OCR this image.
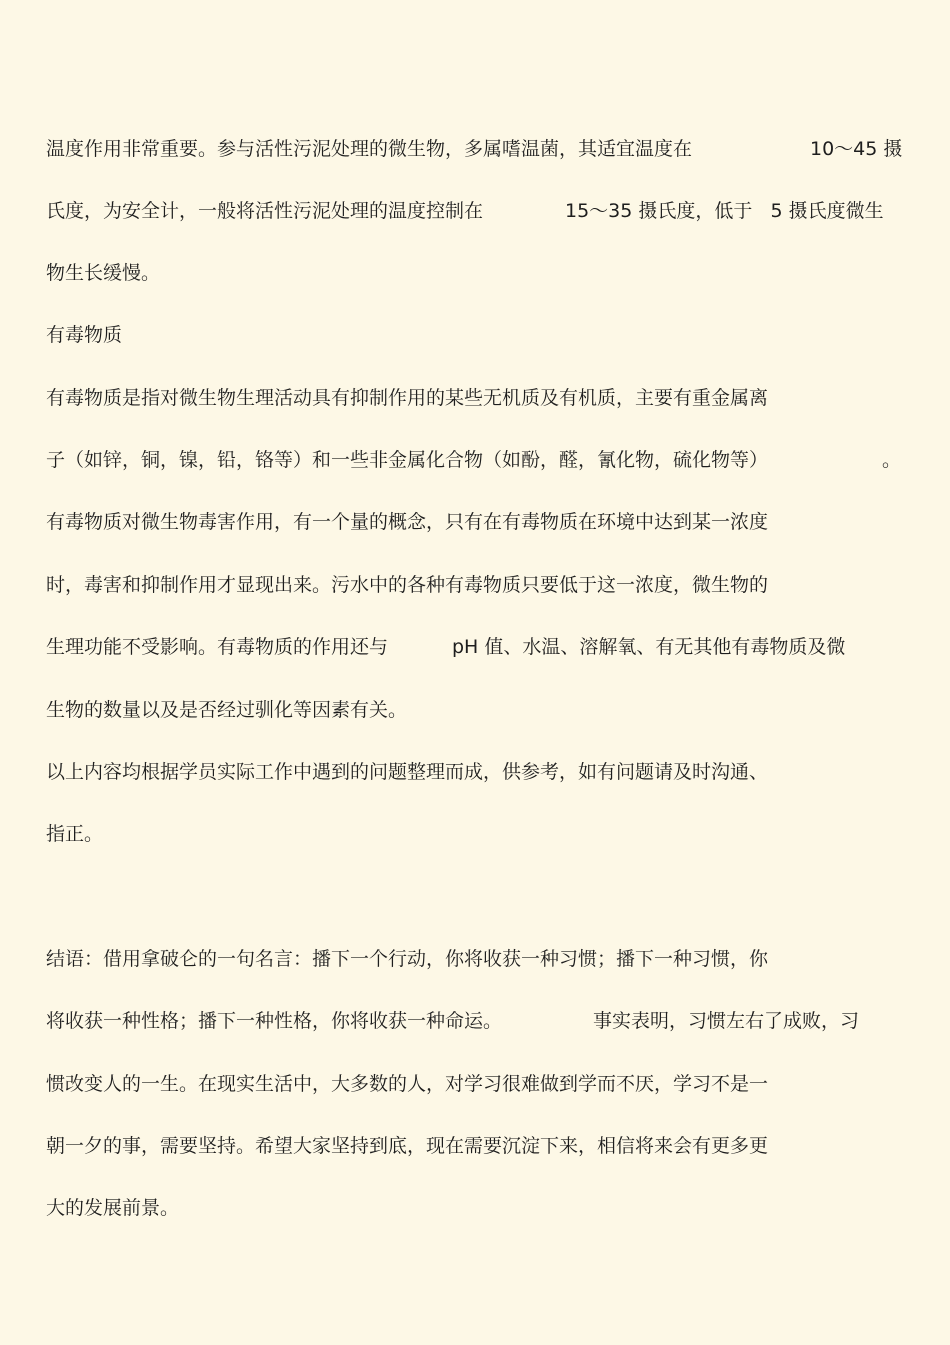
温度作用非常重要。参与活性污泥处理的微生物，多属嗜温菌，其适宜温度在	10～45 摄

氏度，为安全计，一般将活性污泥处理的温度控制在	15～35 摄氏度，低于   5 摄氏度微生

物生长缓慢。

有毒物质

有毒物质是指对微生物生理活动具有抑制作用的某些无机质及有机质，主要有重金属离

子（如锌，铜，镍，铅，铬等）和一些非金属化合物（如酚，醛，氰化物，硫化物等）	。

有毒物质对微生物毒害作用，有一个量的概念，只有在有毒物质在环境中达到某一浓度

时，毒害和抑制作用才显现出来。污水中的各种有毒物质只要低于这一浓度，微生物的

生理功能不受影响。有毒物质的作用还与	pH 值、水温、溶解氧、有无其他有毒物质及微

生物的数量以及是否经过驯化等因素有关。

以上内容均根据学员实际工作中遇到的问题整理而成，供参考，如有问题请及时沟通、

指正。

结语：借用拿破仑的一句名言：播下一个行动，你将收获一种习惯；播下一种习惯，你

将收获一种性格；播下一种性格，你将收获一种命运。	事实表明，习惯左右了成败，习

惯改变人的一生。在现实生活中，大多数的人，对学习很难做到学而不厌，学习不是一

朝一夕的事，需要坚持。希望大家坚持到底，现在需要沉淀下来，相信将来会有更多更

大的发展前景。
